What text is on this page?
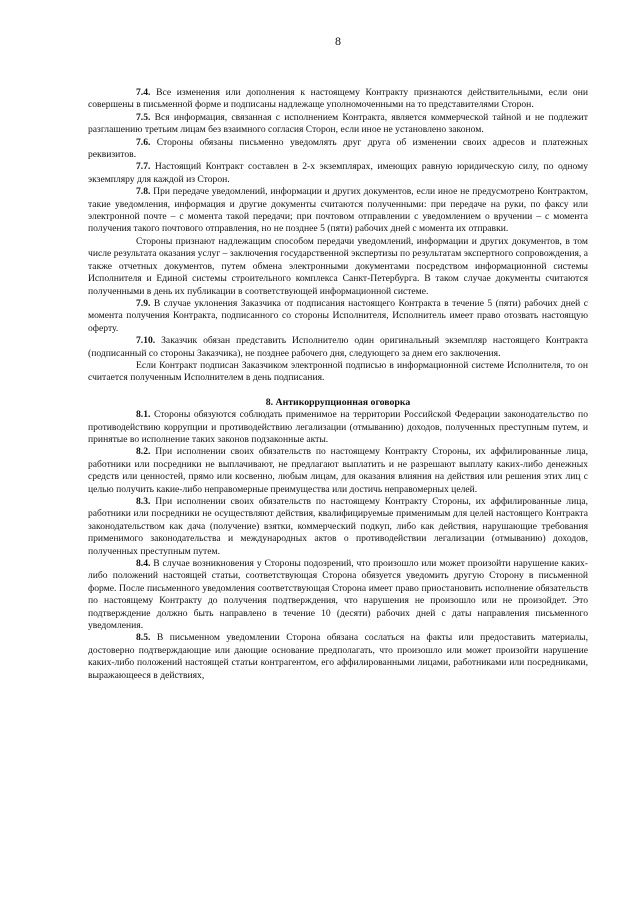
8

7.4. Все изменения или дополнения к настоящему Контракту признаются действительными, если они совершены в письменной форме и подписаны надлежаще уполномоченными на то представителями Сторон.

7.5. Вся информация, связанная с исполнением Контракта, является коммерческой тайной и не подлежит разглашению третьим лицам без взаимного согласия Сторон, если иное не установлено законом.

7.6. Стороны обязаны письменно уведомлять друг друга об изменении своих адресов и платежных реквизитов.

7.7. Настоящий Контракт составлен в 2-х экземплярах, имеющих равную юридическую силу, по одному экземпляру для каждой из Сторон.

7.8. При передаче уведомлений, информации и других документов, если иное не предусмотрено Контрактом, такие уведомления, информация и другие документы считаются полученными: при передаче на руки, по факсу или электронной почте – с момента такой передачи; при почтовом отправлении с уведомлением о вручении – с момента получения такого почтового отправления, но не позднее 5 (пяти) рабочих дней с момента их отправки.

Стороны признают надлежащим способом передачи уведомлений, информации и других документов, в том числе результата оказания услуг – заключения государственной экспертизы по результатам экспертного сопровождения, а также отчетных документов, путем обмена электронными документами посредством информационной системы Исполнителя и Единой системы строительного комплекса Санкт-Петербурга. В таком случае документы считаются полученными в день их публикации в соответствующей информационной системе.

7.9. В случае уклонения Заказчика от подписания настоящего Контракта в течение 5 (пяти) рабочих дней с момента получения Контракта, подписанного со стороны Исполнителя, Исполнитель имеет право отозвать настоящую оферту.

7.10. Заказчик обязан представить Исполнителю один оригинальный экземпляр настоящего Контракта (подписанный со стороны Заказчика), не позднее рабочего дня, следующего за днем его заключения.

Если Контракт подписан Заказчиком электронной подписью в информационной системе Исполнителя, то он считается полученным Исполнителем в день подписания.

8. Антикоррупционная оговорка

8.1. Стороны обязуются соблюдать применимое на территории Российской Федерации законодательство по противодействию коррупции и противодействию легализации (отмыванию) доходов, полученных преступным путем, и принятые во исполнение таких законов подзаконные акты.

8.2. При исполнении своих обязательств по настоящему Контракту Стороны, их аффилированные лица, работники или посредники не выплачивают, не предлагают выплатить и не разрешают выплату каких-либо денежных средств или ценностей, прямо или косвенно, любым лицам, для оказания влияния на действия или решения этих лиц с целью получить какие-либо неправомерные преимущества или достичь неправомерных целей.

8.3. При исполнении своих обязательств по настоящему Контракту Стороны, их аффилированные лица, работники или посредники не осуществляют действия, квалифицируемые применимым для целей настоящего Контракта законодательством как дача (получение) взятки, коммерческий подкуп, либо как действия, нарушающие требования применимого законодательства и международных актов о противодействии легализации (отмыванию) доходов, полученных преступным путем.

8.4. В случае возникновения у Стороны подозрений, что произошло или может произойти нарушение каких-либо положений настоящей статьи, соответствующая Сторона обязуется уведомить другую Сторону в письменной форме. После письменного уведомления соответствующая Сторона имеет право приостановить исполнение обязательств по настоящему Контракту до получения подтверждения, что нарушения не произошло или не произойдет. Это подтверждение должно быть направлено в течение 10 (десяти) рабочих дней с даты направления письменного уведомления.

8.5. В письменном уведомлении Сторона обязана сослаться на факты или предоставить материалы, достоверно подтверждающие или дающие основание предполагать, что произошло или может произойти нарушение каких-либо положений настоящей статьи контрагентом, его аффилированными лицами, работниками или посредниками, выражающееся в действиях,
